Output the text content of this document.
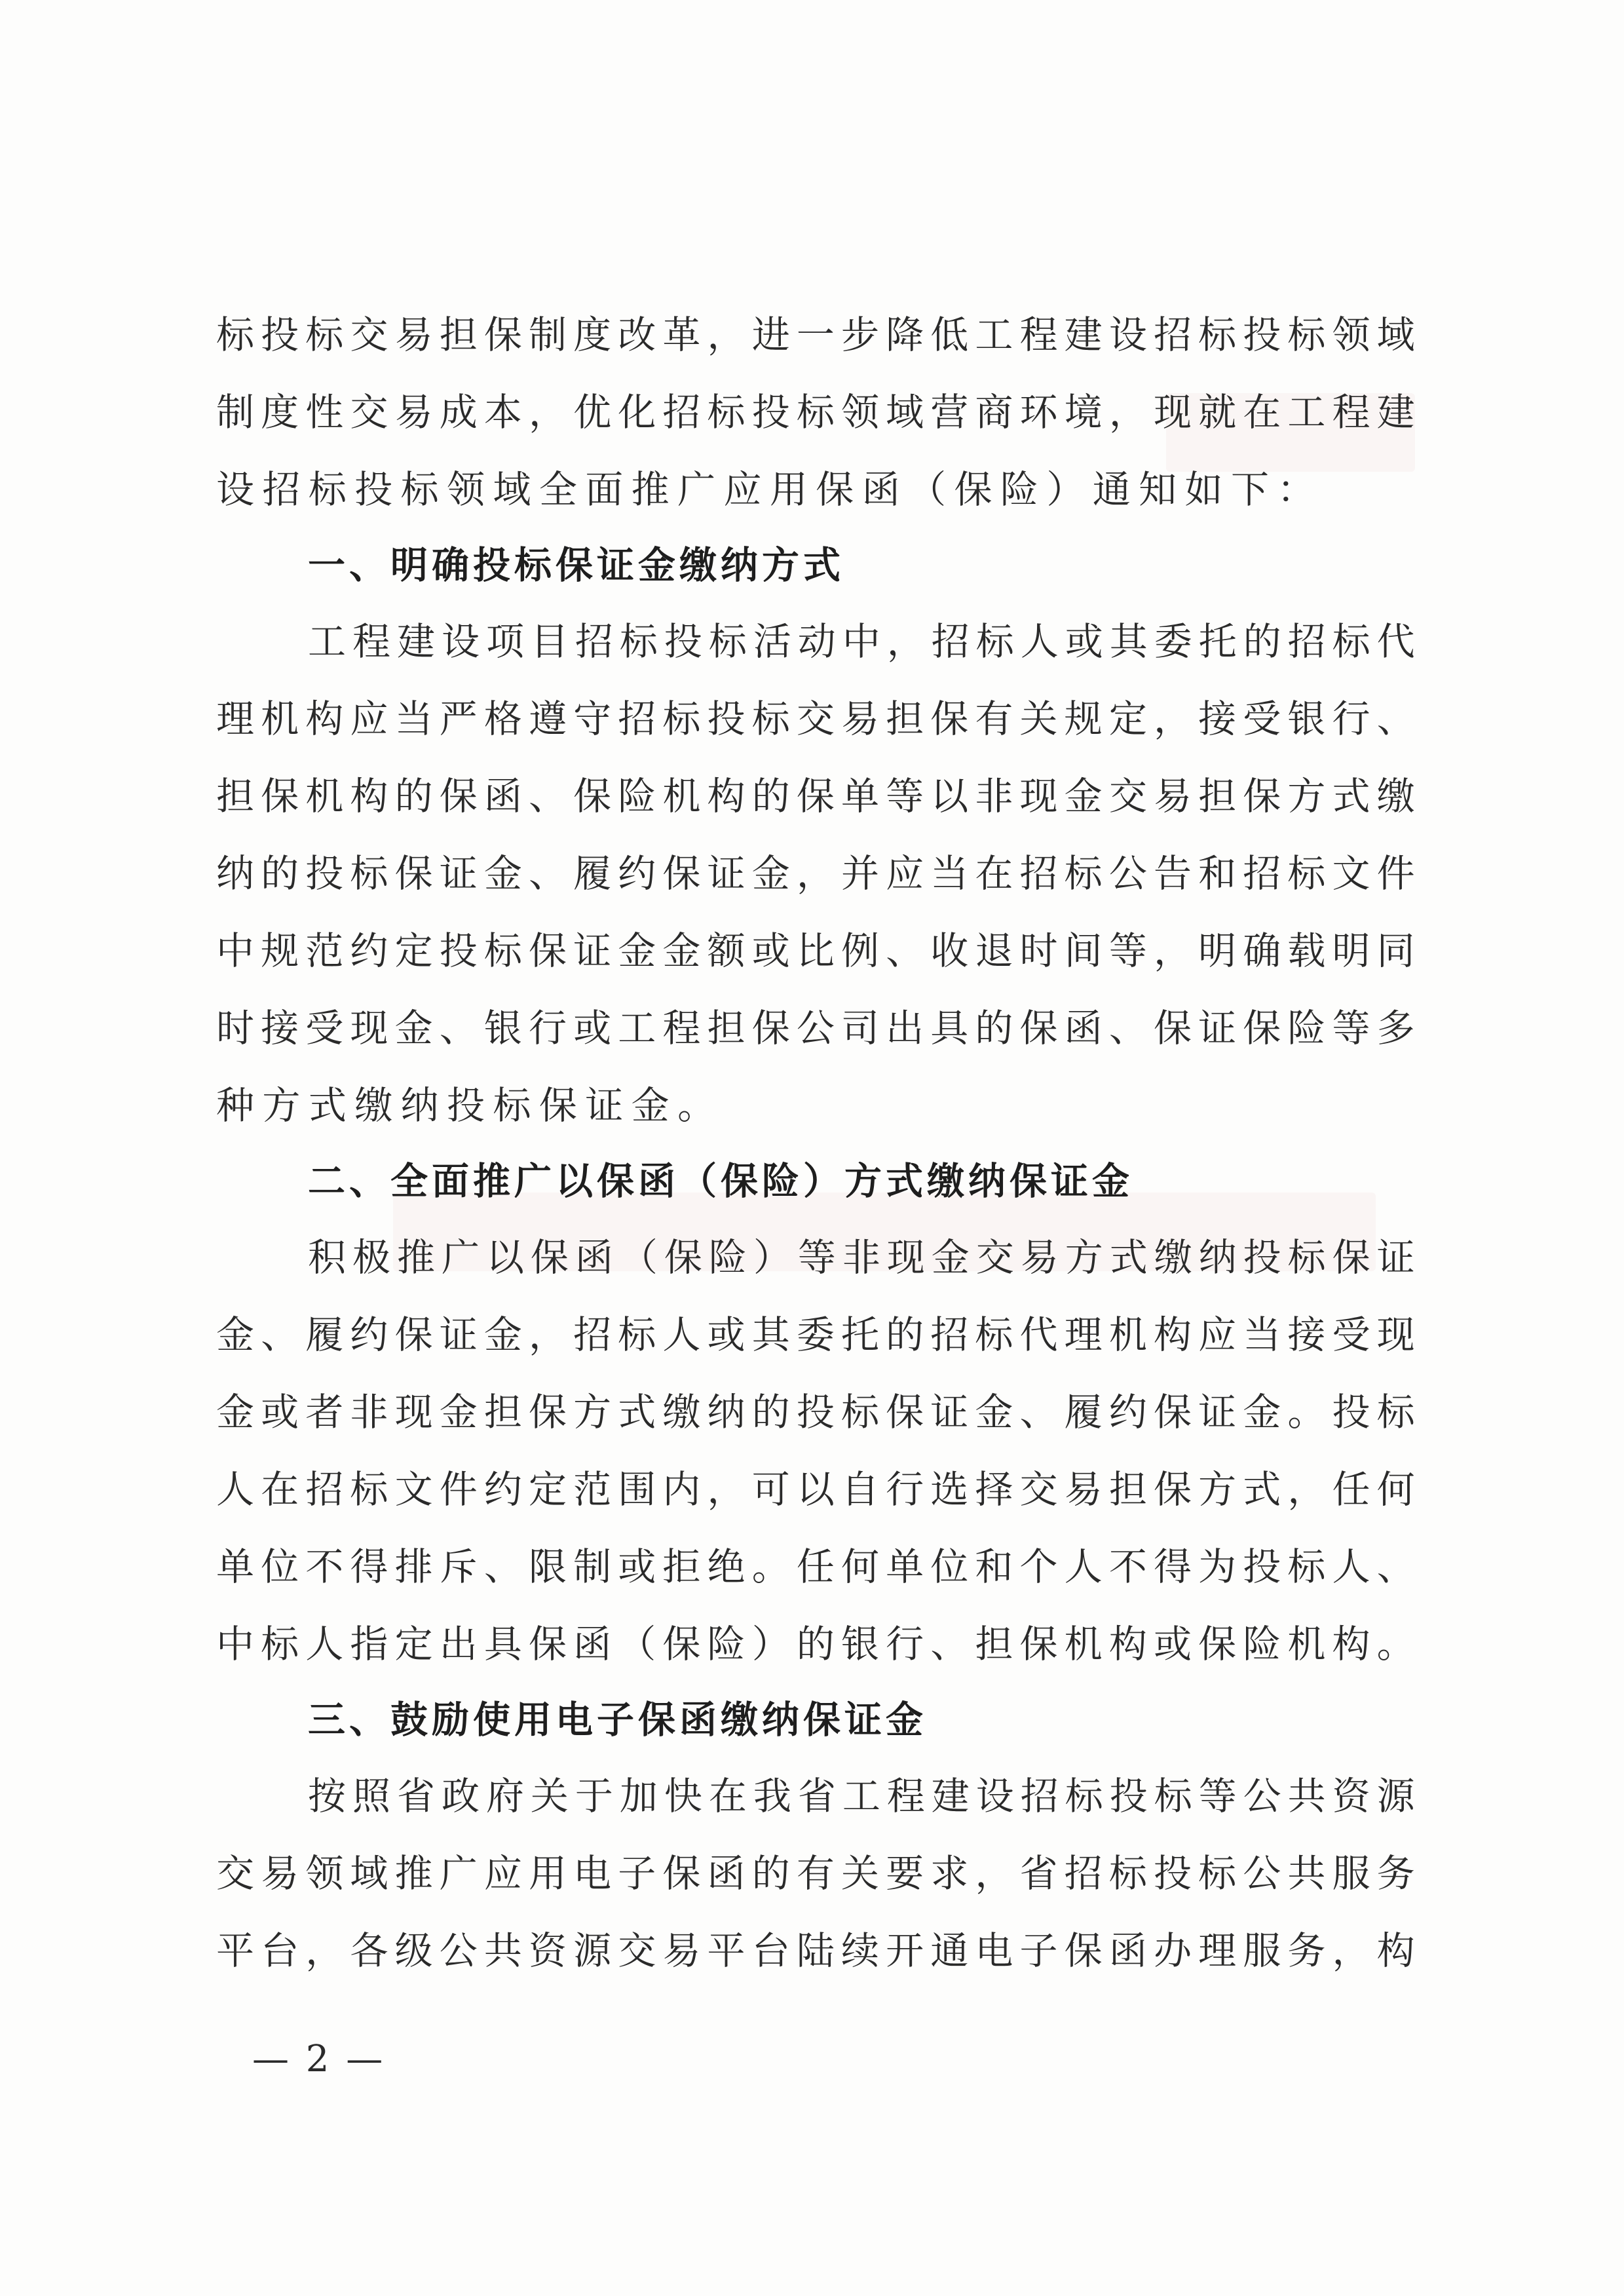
标 投 标 交 易 担 保 制 度 改 革 ， 进 一 步 降 低 工 程 建 设 招 标 投 标 领 域
制 度 性 交 易 成 本 ， 优 化 招 标 投 标 领 域 营 商 环 境 ， 现 就 在 工 程 建
设 招 标 投 标 领 域 全 面 推 广 应 用 保 函 （ 保 险 ） 通 知 如 下 ：
一、明确投标保证金缴纳方式
工 程 建 设 项 目 招 标 投 标 活 动 中 ， 招 标 人 或 其 委 托 的 招 标 代
理 机 构 应 当 严 格 遵 守 招 标 投 标 交 易 担 保 有 关 规 定 ， 接 受 银 行 、
担 保 机 构 的 保 函 、 保 险 机 构 的 保 单 等 以 非 现 金 交 易 担 保 方 式 缴
纳 的 投 标 保 证 金 、 履 约 保 证 金 ， 并 应 当 在 招 标 公 告 和 招 标 文 件
中 规 范 约 定 投 标 保 证 金 金 额 或 比 例 、 收 退 时 间 等 ， 明 确 载 明 同
时 接 受 现 金 、 银 行 或 工 程 担 保 公 司 出 具 的 保 函 、 保 证 保 险 等 多
种 方 式 缴 纳 投 标 保 证 金 。
二、全面推广以保函（保险）方式缴纳保证金
积 极 推 广 以 保 函 （ 保 险 ） 等 非 现 金 交 易 方 式 缴 纳 投 标 保 证
金 、 履 约 保 证 金 ， 招 标 人 或 其 委 托 的 招 标 代 理 机 构 应 当 接 受 现
金 或 者 非 现 金 担 保 方 式 缴 纳 的 投 标 保 证 金 、 履 约 保 证 金 。 投 标
人 在 招 标 文 件 约 定 范 围 内 ， 可 以 自 行 选 择 交 易 担 保 方 式 ， 任 何
单 位 不 得 排 斥 、 限 制 或 拒 绝 。 任 何 单 位 和 个 人 不 得 为 投 标 人 、
中 标 人 指 定 出 具 保 函 （ 保 险 ） 的 银 行 、 担 保 机 构 或 保 险 机 构 。
三、鼓励使用电子保函缴纳保证金
按 照 省 政 府 关 于 加 快 在 我 省 工 程 建 设 招 标 投 标 等 公 共 资 源
交 易 领 域 推 广 应 用 电 子 保 函 的 有 关 要 求 ， 省 招 标 投 标 公 共 服 务
平 台 ， 各 级 公 共 资 源 交 易 平 台 陆 续 开 通 电 子 保 函 办 理 服 务 ， 构
— 2 —
